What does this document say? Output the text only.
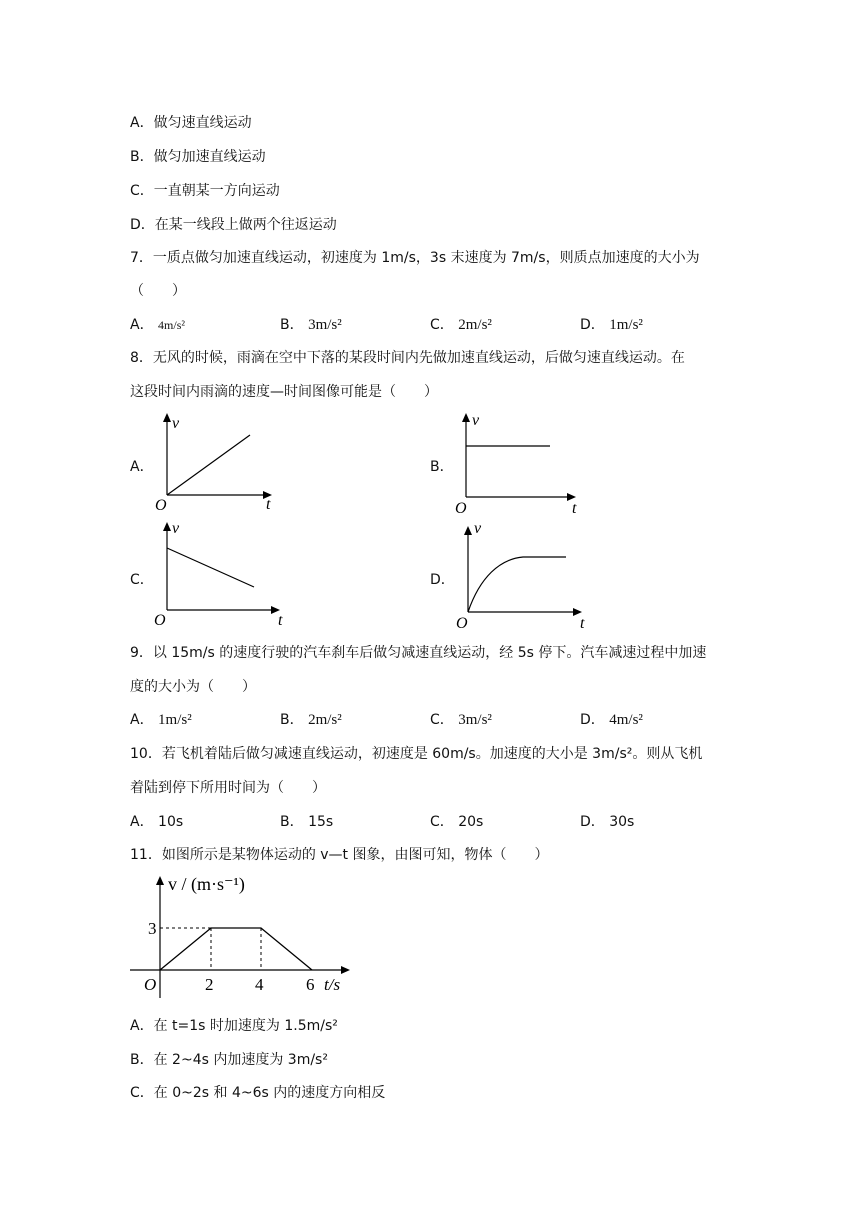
A．做匀速直线运动
B．做匀加速直线运动
C．一直朝某一方向运动
D．在某一线段上做两个往返运动
7．一质点做匀加速直线运动，初速度为 1m/s，3s 末速度为 7m/s，则质点加速度的大小为
（　　）
A． 4m/s²	B． 3m/s²	C． 2m/s²	D． 1m/s²
8．无风的时候，雨滴在空中下落的某段时间内先做加速直线运动，后做匀速直线运动。在
这段时间内雨滴的速度—时间图像可能是（　　）
A．
v
t
O
B．
v
t
O
C．
v
t
O
D．
v
t
O
9．以 15m/s 的速度行驶的汽车刹车后做匀减速直线运动，经 5s 停下。汽车减速过程中加速
度的大小为（　　）
A． 1m/s²	B． 2m/s²	C． 3m/s²	D． 4m/s²
10．若飞机着陆后做匀减速直线运动，初速度是 60m/s。加速度的大小是 3m/s²。则从飞机
着陆到停下所用时间为（　　）
A． 10s	B． 15s	C． 20s	D． 30s
11．如图所示是某物体运动的 v—t 图象，由图可知，物体（　　）
v / (m·s⁻¹)
3
O	2 4	6 t/s
A．在 t=1s 时加速度为 1.5m/s²
B．在 2~4s 内加速度为 3m/s²
C．在 0~2s 和 4~6s 内的速度方向相反
